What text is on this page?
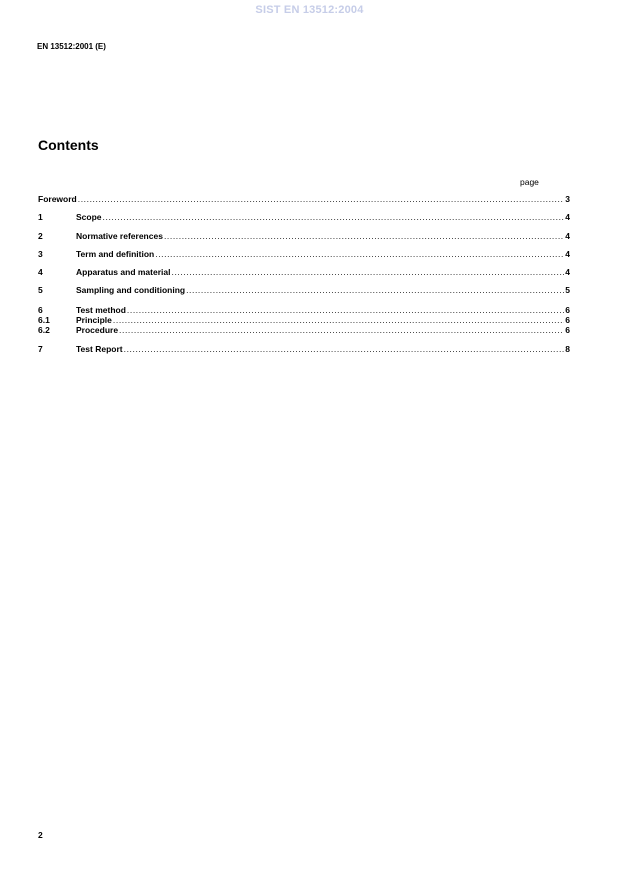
SIST EN 13512:2004
EN 13512:2001 (E)
Contents
page
Foreword .....	3
1	Scope .....	4
2	Normative references .....	4
3	Term and definition .....	4
4	Apparatus and material .....	4
5	Sampling and conditioning .....	5
6	Test method .....	6
6.1	Principle .....	6
6.2	Procedure .....	6
7	Test Report .....	8
2
